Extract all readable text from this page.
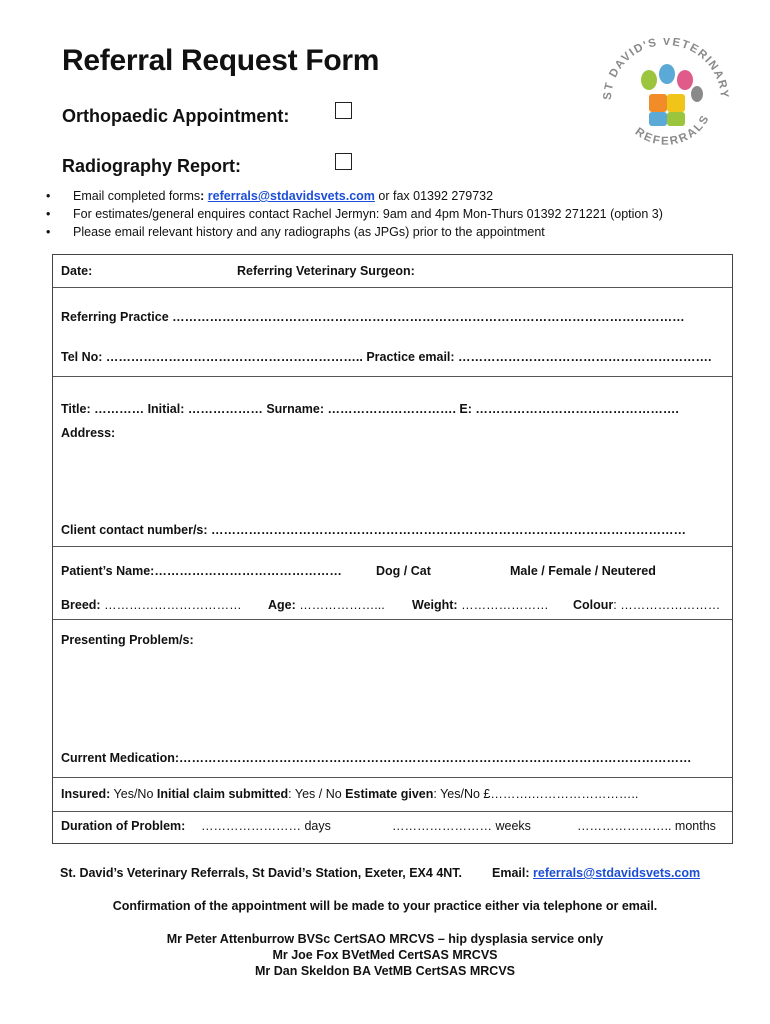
Referral Request Form
ST DAVID'S VETERINARY
REFERRALS
Orthopaedic Appointment:
Radiography Report:
• Email completed forms: referrals@stdavidsvets.com or fax 01392 279732
• For estimates/general enquires contact Rachel Jermyn: 9am and 4pm Mon-Thurs 01392 271221 (option 3)
• Please email relevant history and any radiographs (as JPGs) prior to the appointment
Date:	Referring Veterinary Surgeon:
Referring Practice ……………………………………………………………………………………………………………
Tel No: …………………………………………………….. Practice email: …………………………………………………….
Title: ………… Initial: ……………… Surname: …………………………. E: ………………………………………….
Address:
Client contact number/s: ……………………………………………………………………………………………………
Patient’s Name:………………………………………	Dog / Cat	Male / Female / Neutered
Breed: …………………………… Age: ………………... Weight: ………………… Colour: ……………………
Presenting Problem/s:
Current Medication:……………………………………………………………………………………………………………
Insured: Yes/No Initial claim submitted: Yes / No Estimate given: Yes/No £……….……………………..
Duration of Problem: …………………… days	…………………… weeks	………………….. months
St. David’s Veterinary Referrals, St David’s Station, Exeter, EX4 4NT. Email: referrals@stdavidsvets.com
Confirmation of the appointment will be made to your practice either via telephone or email.
Mr Peter Attenburrow BVSc CertSAO MRCVS – hip dysplasia service only
Mr Joe Fox BVetMed CertSAS MRCVS
Mr Dan Skeldon BA VetMB CertSAS MRCVS
